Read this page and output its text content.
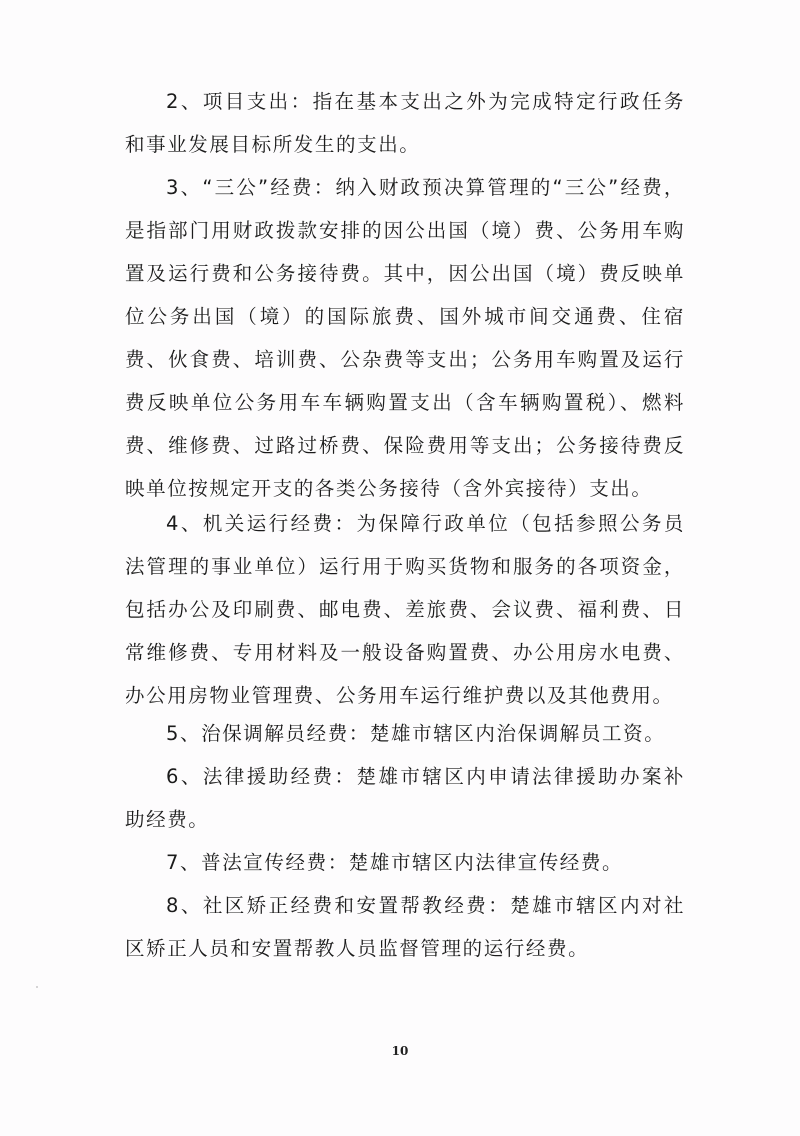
2、项目支出：指在基本支出之外为完成特定行政任务和事业发展目标所发生的支出。

3、“三公”经费：纳入财政预决算管理的“三公”经费，是指部门用财政拨款安排的因公出国（境）费、公务用车购置及运行费和公务接待费。其中，因公出国（境）费反映单位公务出国（境）的国际旅费、国外城市间交通费、住宿费、伙食费、培训费、公杂费等支出；公务用车购置及运行费反映单位公务用车车辆购置支出（含车辆购置税）、燃料费、维修费、过路过桥费、保险费用等支出；公务接待费反映单位按规定开支的各类公务接待（含外宾接待）支出。

4、机关运行经费：为保障行政单位（包括参照公务员法管理的事业单位）运行用于购买货物和服务的各项资金，包括办公及印刷费、邮电费、差旅费、会议费、福利费、日常维修费、专用材料及一般设备购置费、办公用房水电费、办公用房物业管理费、公务用车运行维护费以及其他费用。

5、治保调解员经费：楚雄市辖区内治保调解员工资。

6、法律援助经费：楚雄市辖区内申请法律援助办案补助经费。

7、普法宣传经费：楚雄市辖区内法律宣传经费。

8、社区矫正经费和安置帮教经费：楚雄市辖区内对社区矫正人员和安置帮教人员监督管理的运行经费。

10
